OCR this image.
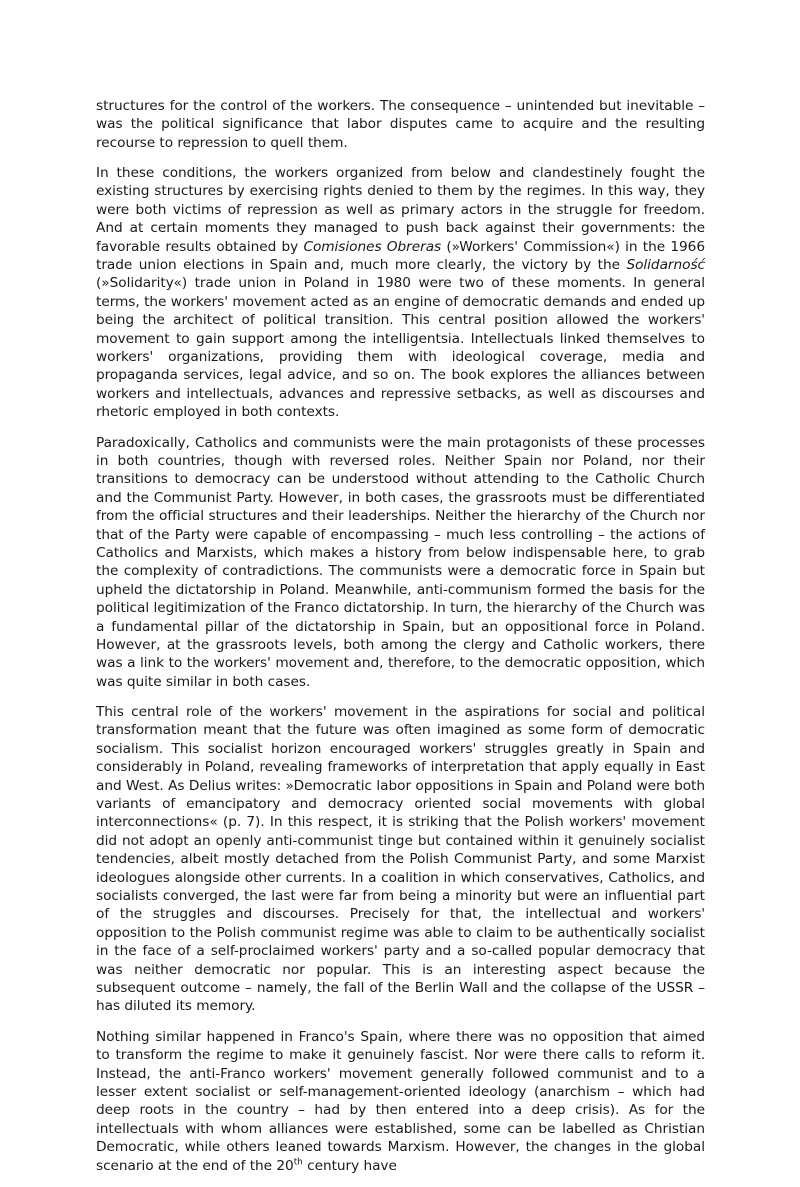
structures for the control of the workers. The consequence – unintended but inevitable – was the political significance that labor disputes came to acquire and the resulting recourse to repression to quell them.

In these conditions, the workers organized from below and clandestinely fought the existing structures by exercising rights denied to them by the regimes. In this way, they were both victims of repression as well as primary actors in the struggle for freedom. And at certain moments they managed to push back against their governments: the favorable results obtained by Comisiones Obreras (»Workers' Commission«) in the 1966 trade union elections in Spain and, much more clearly, the victory by the Solidarność (»Solidarity«) trade union in Poland in 1980 were two of these moments. In general terms, the workers' movement acted as an engine of democratic demands and ended up being the architect of political transition. This central position allowed the workers' movement to gain support among the intelligentsia. Intellectuals linked themselves to workers' organizations, providing them with ideological coverage, media and propaganda services, legal advice, and so on. The book explores the alliances between workers and intellectuals, advances and repressive setbacks, as well as discourses and rhetoric employed in both contexts.

Paradoxically, Catholics and communists were the main protagonists of these processes in both countries, though with reversed roles. Neither Spain nor Poland, nor their transitions to democracy can be understood without attending to the Catholic Church and the Communist Party. However, in both cases, the grassroots must be differentiated from the official structures and their leaderships. Neither the hierarchy of the Church nor that of the Party were capable of encompassing – much less controlling – the actions of Catholics and Marxists, which makes a history from below indispensable here, to grab the complexity of contradictions. The communists were a democratic force in Spain but upheld the dictatorship in Poland. Meanwhile, anti-communism formed the basis for the political legitimization of the Franco dictatorship. In turn, the hierarchy of the Church was a fundamental pillar of the dictatorship in Spain, but an oppositional force in Poland. However, at the grassroots levels, both among the clergy and Catholic workers, there was a link to the workers' movement and, therefore, to the democratic opposition, which was quite similar in both cases.

This central role of the workers' movement in the aspirations for social and political transformation meant that the future was often imagined as some form of democratic socialism. This socialist horizon encouraged workers' struggles greatly in Spain and considerably in Poland, revealing frameworks of interpretation that apply equally in East and West. As Delius writes: »Democratic labor oppositions in Spain and Poland were both variants of emancipatory and democracy oriented social movements with global interconnections« (p. 7). In this respect, it is striking that the Polish workers' movement did not adopt an openly anti-communist tinge but contained within it genuinely socialist tendencies, albeit mostly detached from the Polish Communist Party, and some Marxist ideologues alongside other currents. In a coalition in which conservatives, Catholics, and socialists converged, the last were far from being a minority but were an influential part of the struggles and discourses. Precisely for that, the intellectual and workers' opposition to the Polish communist regime was able to claim to be authentically socialist in the face of a self-proclaimed workers' party and a so-called popular democracy that was neither democratic nor popular. This is an interesting aspect because the subsequent outcome – namely, the fall of the Berlin Wall and the collapse of the USSR – has diluted its memory.

Nothing similar happened in Franco's Spain, where there was no opposition that aimed to transform the regime to make it genuinely fascist. Nor were there calls to reform it. Instead, the anti-Franco workers' movement generally followed communist and to a lesser extent socialist or self-management-oriented ideology (anarchism – which had deep roots in the country – had by then entered into a deep crisis). As for the intellectuals with whom alliances were established, some can be labelled as Christian Democratic, while others leaned towards Marxism. However, the changes in the global scenario at the end of the 20th century have
